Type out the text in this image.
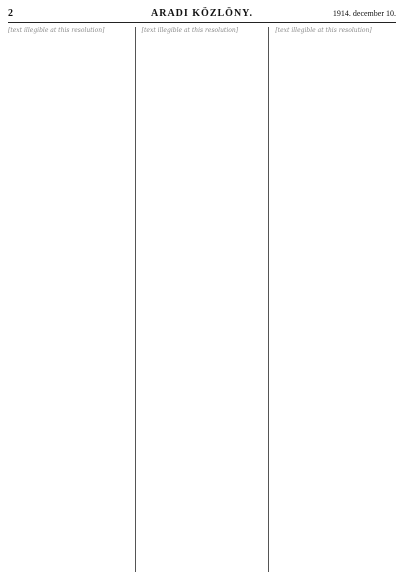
2	ARADI KÖZLÖNY.	1914. december 10.
[text illegible at this resolution]	[text illegible at this resolution]	[text illegible at this resolution]
